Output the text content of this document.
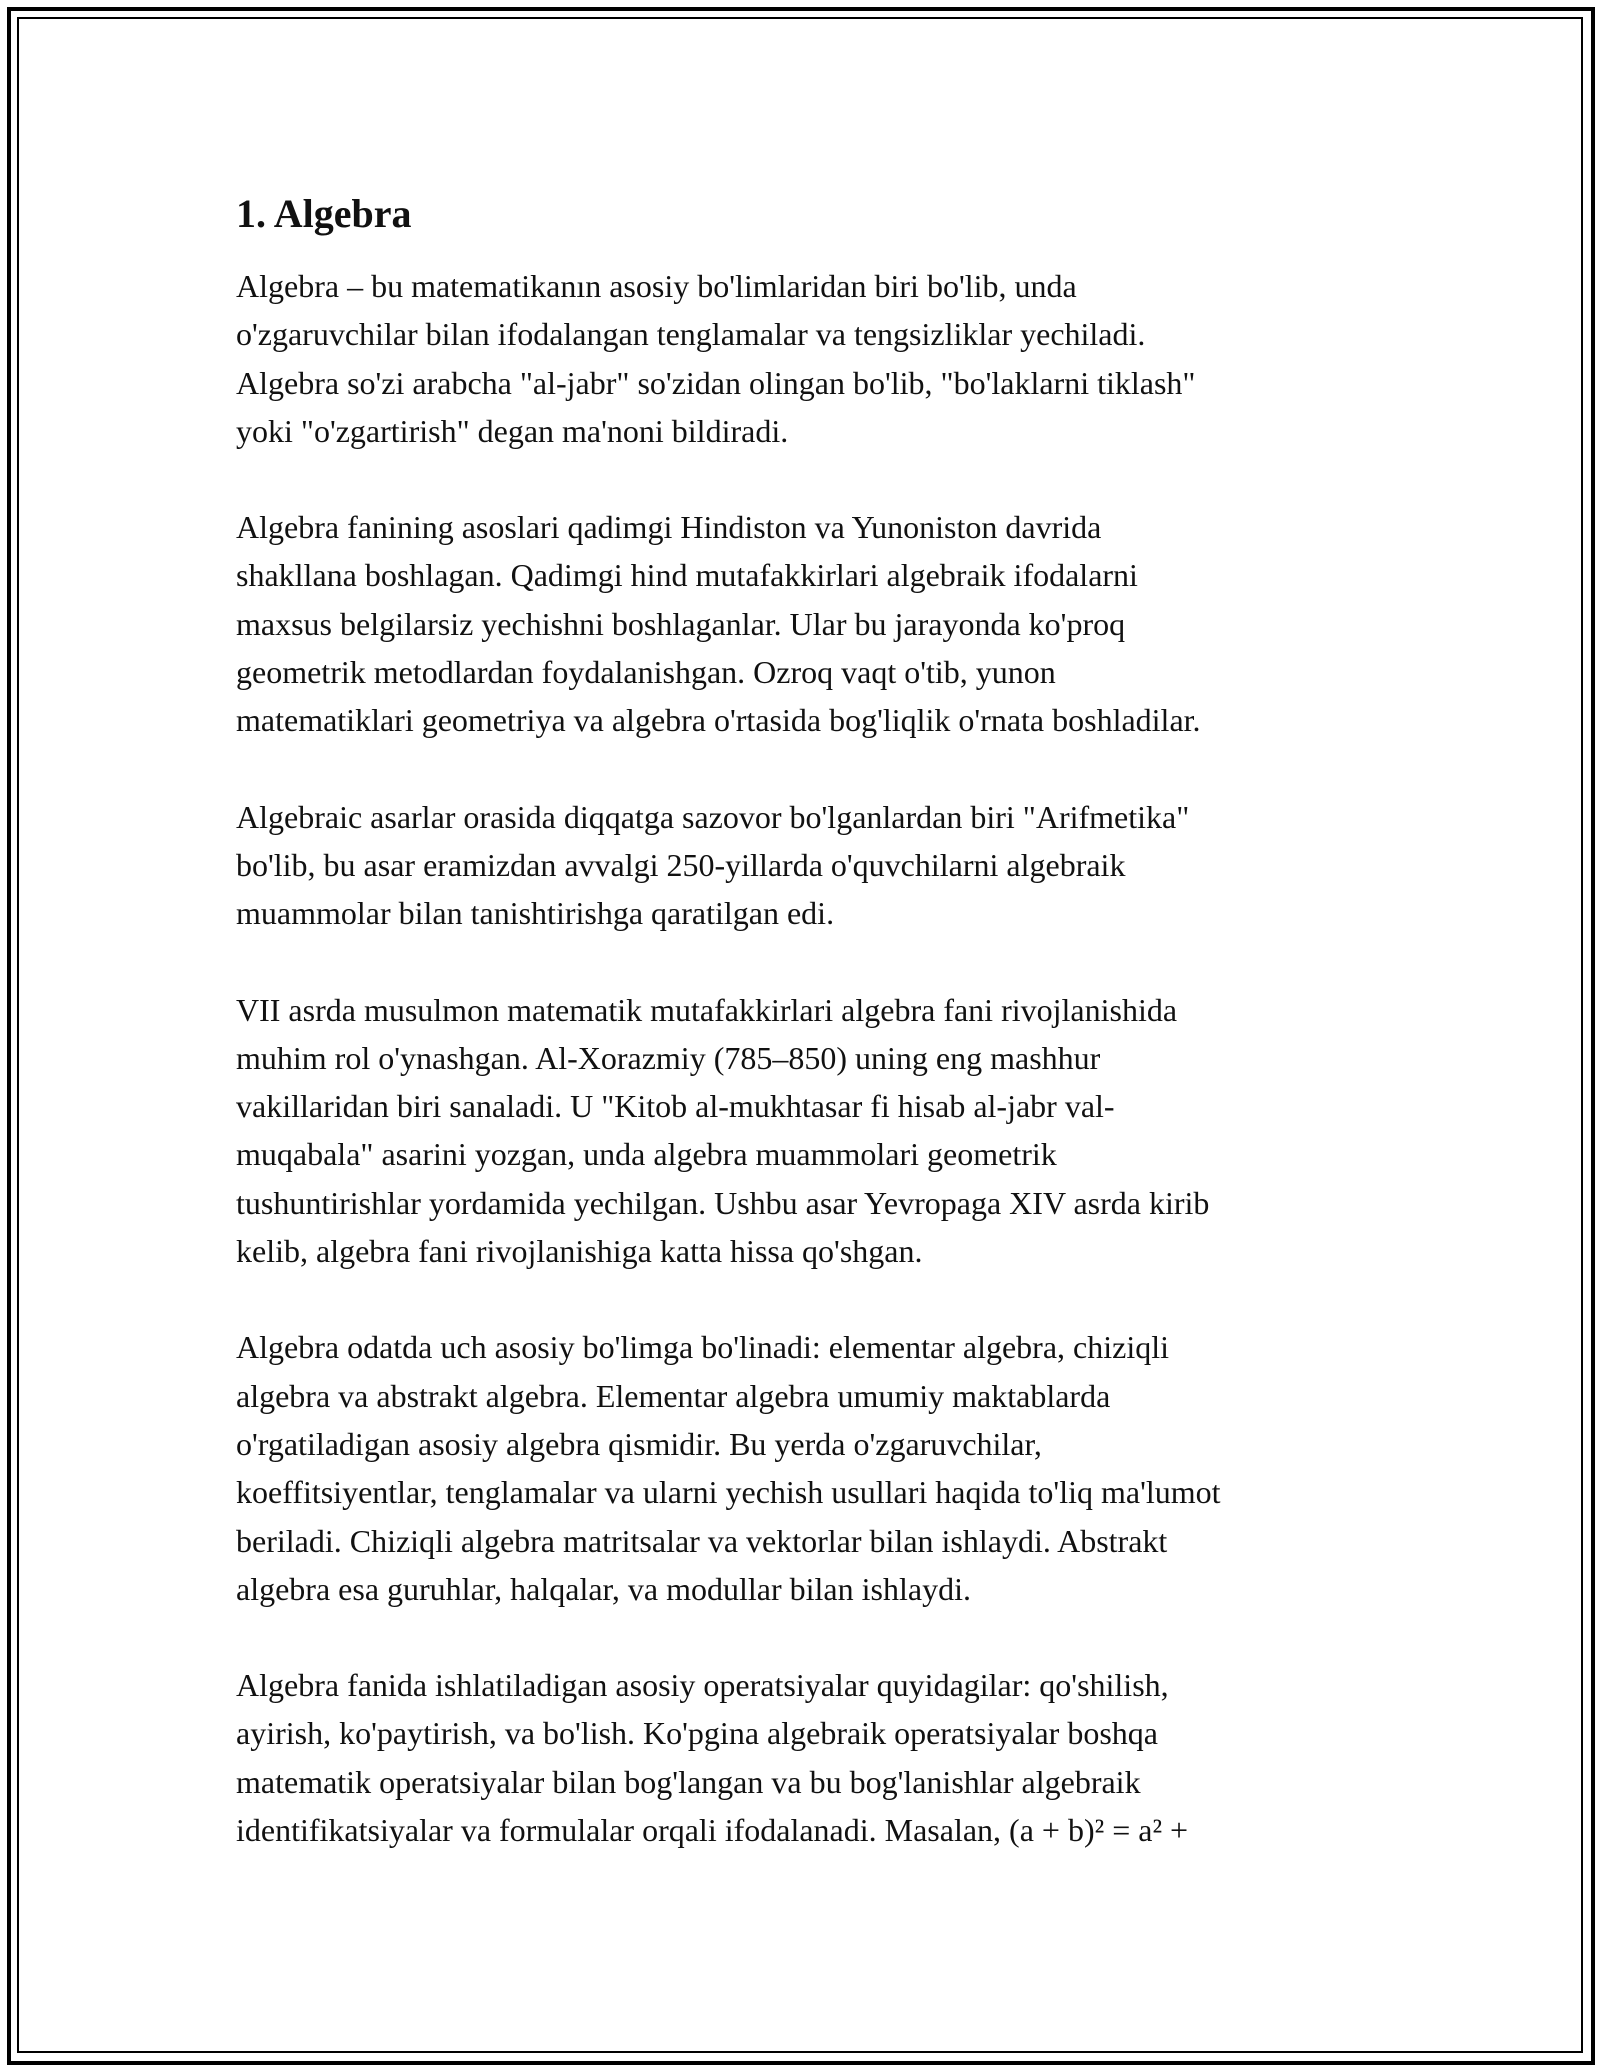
1. Algebra

Algebra – bu matematikanın asosiy bo'limlaridan biri bo'lib, unda
o'zgaruvchilar bilan ifodalangan tenglamalar va tengsizliklar yechiladi.
Algebra so'zi arabcha "al-jabr" so'zidan olingan bo'lib, "bo'laklarni tiklash"
yoki "o'zgartirish" degan ma'noni bildiradi.

Algebra fanining asoslari qadimgi Hindiston va Yunoniston davrida
shakllana boshlagan. Qadimgi hind mutafakkirlari algebraik ifodalarni
maxsus belgilarsiz yechishni boshlaganlar. Ular bu jarayonda ko'proq
geometrik metodlardan foydalanishgan. Ozroq vaqt o'tib, yunon
matematiklari geometriya va algebra o'rtasida bog'liqlik o'rnata boshladilar.

Algebraic asarlar orasida diqqatga sazovor bo'lganlardan biri "Arifmetika"
bo'lib, bu asar eramizdan avvalgi 250-yillarda o'quvchilarni algebraik
muammolar bilan tanishtirishga qaratilgan edi.

VII asrda musulmon matematik mutafakkirlari algebra fani rivojlanishida
muhim rol o'ynashgan. Al-Xorazmiy (785–850) uning eng mashhur
vakillaridan biri sanaladi. U "Kitob al-mukhtasar fi hisab al-jabr val-
muqabala" asarini yozgan, unda algebra muammolari geometrik
tushuntirishlar yordamida yechilgan. Ushbu asar Yevropaga XIV asrda kirib
kelib, algebra fani rivojlanishiga katta hissa qo'shgan.

Algebra odatda uch asosiy bo'limga bo'linadi: elementar algebra, chiziqli
algebra va abstrakt algebra. Elementar algebra umumiy maktablarda
o'rgatiladigan asosiy algebra qismidir. Bu yerda o'zgaruvchilar,
koeffitsiyentlar, tenglamalar va ularni yechish usullari haqida to'liq ma'lumot
beriladi. Chiziqli algebra matritsalar va vektorlar bilan ishlaydi. Abstrakt
algebra esa guruhlar, halqalar, va modullar bilan ishlaydi.

Algebra fanida ishlatiladigan asosiy operatsiyalar quyidagilar: qo'shilish,
ayirish, ko'paytirish, va bo'lish. Ko'pgina algebraik operatsiyalar boshqa
matematik operatsiyalar bilan bog'langan va bu bog'lanishlar algebraik
identifikatsiyalar va formulalar orqali ifodalanadi. Masalan, (a + b)² = a² +
